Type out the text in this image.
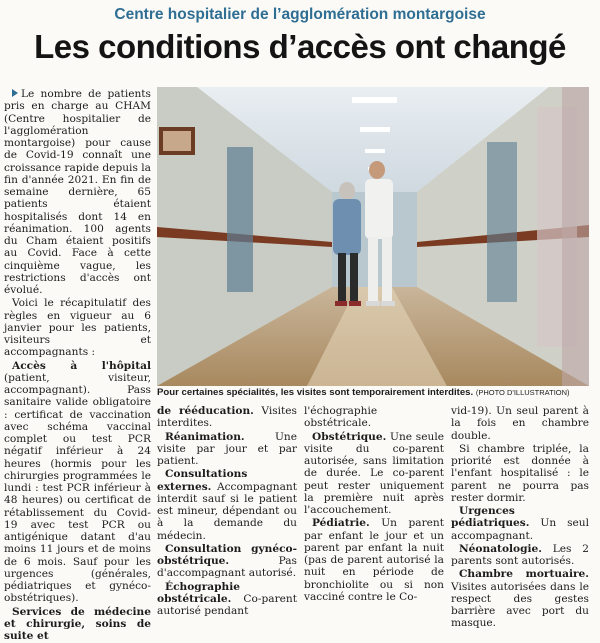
Centre hospitalier de l’agglomération montargoise
Les conditions d’accès ont changé

Le nombre de patients pris en charge au CHAM (Centre hospitalier de l'agglomération montargoise) pour cause de Covid-19 connaît une croissance rapide depuis la fin d'année 2021. En fin de semaine dernière, 65 patients étaient hospitalisés dont 14 en réanimation. 100 agents du Cham étaient positifs au Covid. Face à cette cinquième vague, les restrictions d'accès ont évolué.

Voici le récapitulatif des règles en vigueur au 6 janvier pour les patients, visiteurs et accompagnants :

Accès à l'hôpital (patient, visiteur, accompagnant). Pass sanitaire valide obligatoire : certificat de vaccination avec schéma vaccinal complet ou test PCR négatif inférieur à 24 heures (hormis pour les chirurgies programmées le lundi : test PCR inférieur à 48 heures) ou certificat de rétablissement du Covid-19 avec test PCR ou antigénique datant d'au moins 11 jours et de moins de 6 mois. Sauf pour les urgences (générales, pédiatriques et gynéco-obstétriques).

Services de médecine et chirurgie, soins de suite et

Pour certaines spécialités, les visites sont temporairement interdites. (PHOTO D'ILLUSTRATION)

de rééducation. Visites interdites.

Réanimation. Une visite par jour et par patient.

Consultations externes. Accompagnant interdit sauf si le patient est mineur, dépendant ou à la demande du médecin.

Consultation gynéco-obstétrique. Pas d'accompagnant autorisé.

Échographie obstétricale. Co-parent autorisé pendant

l'échographie obstétricale.

Obstétrique. Une seule visite du co-parent autorisée, sans limitation de durée. Le co-parent peut rester uniquement la première nuit après l'accouchement.

Pédiatrie. Un parent par enfant le jour et un parent par enfant la nuit (pas de parent autorisé la nuit en période de bronchiolite ou si non vacciné contre le Co-

vid-19). Un seul parent à la fois en chambre double.

Si chambre triplée, la priorité est donnée à l'enfant hospitalisé : le parent ne pourra pas rester dormir.

Urgences pédiatriques. Un seul accompagnant.

Néonatologie. Les 2 parents sont autorisés.

Chambre mortuaire. Visites autorisées dans le respect des gestes barrière avec port du masque.
